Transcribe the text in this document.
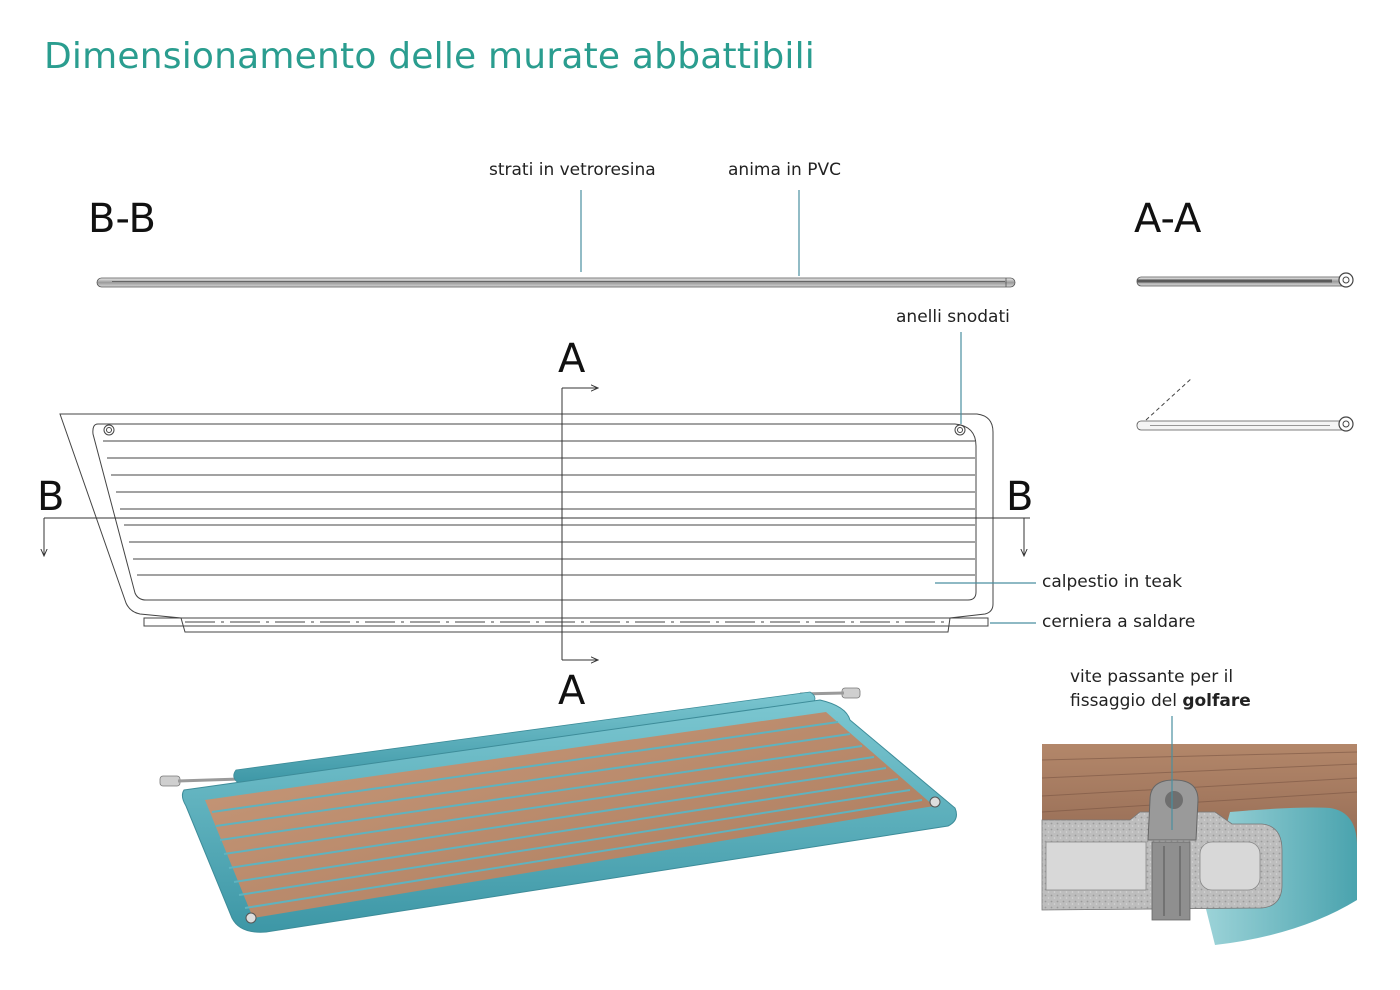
Dimensionamento delle murate abbattibili
B-B	A-A
A
A
B	B
strati in vetroresina	anima in PVC
anelli snodati
calpestio in teak
cerniera a saldare
vite passante per il
fissaggio del golfare
